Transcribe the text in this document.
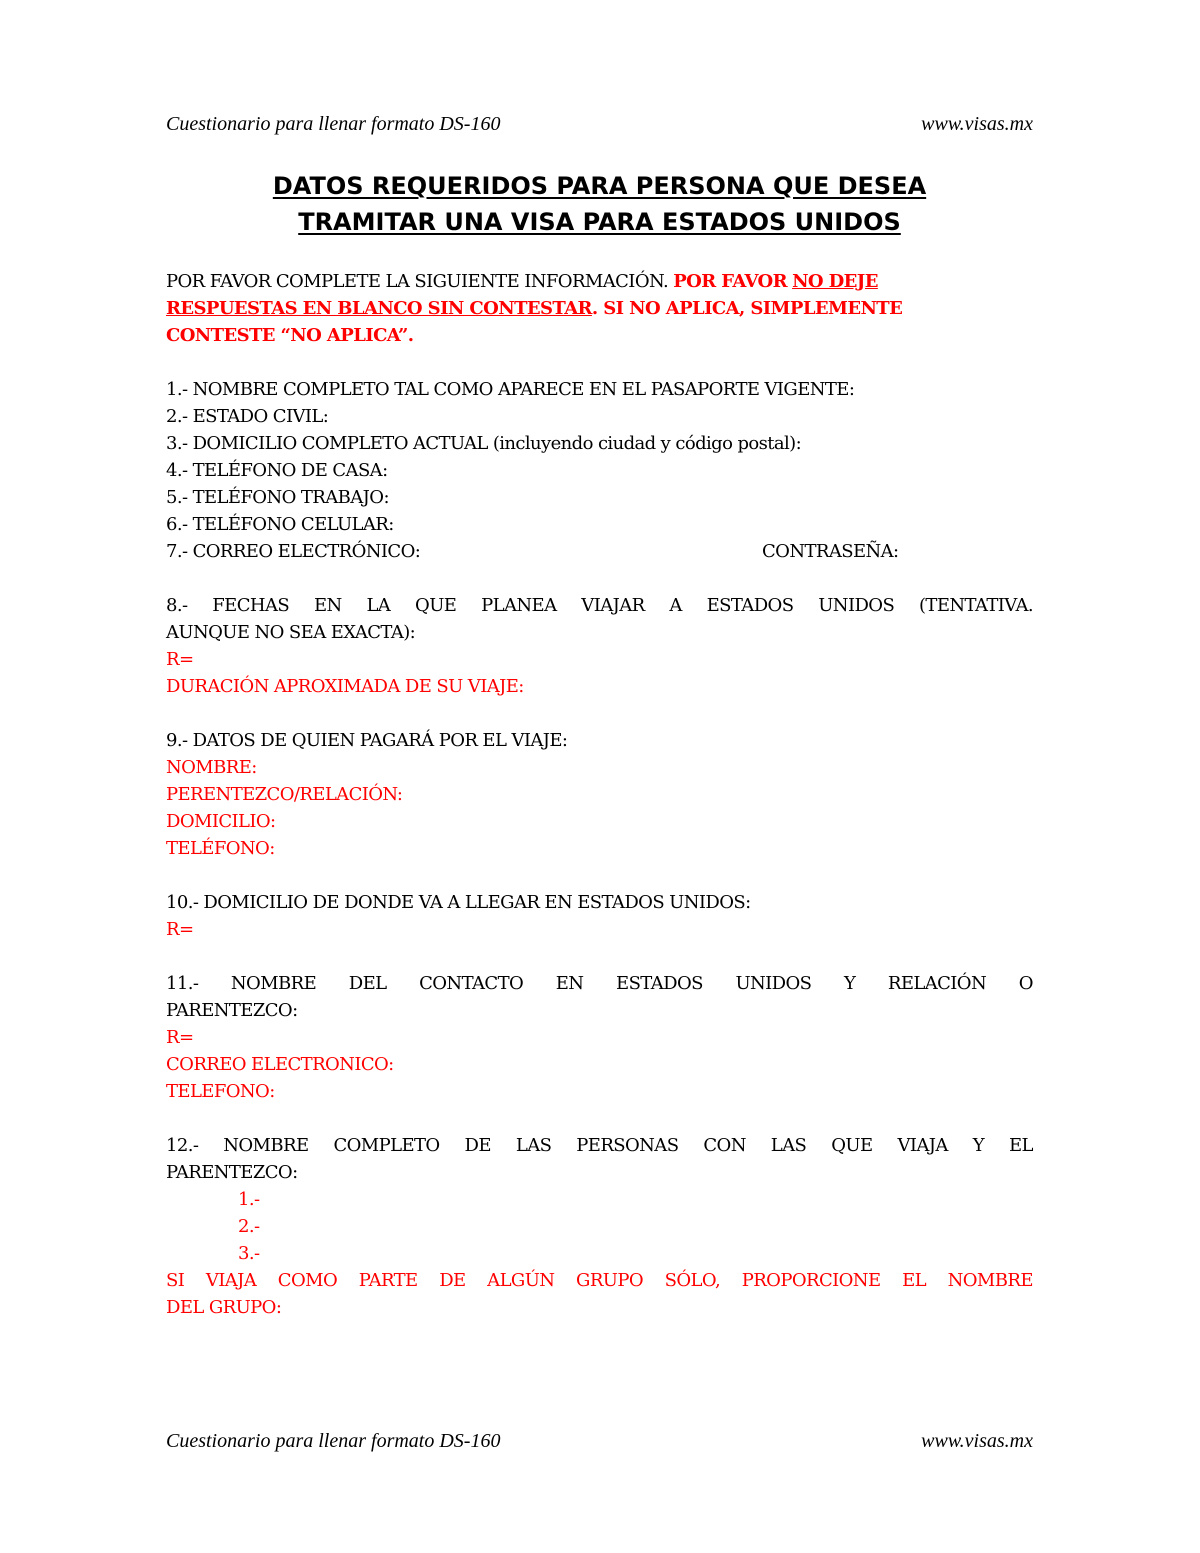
Cuestionario para llenar formato DS-160	www.visas.mx
DATOS REQUERIDOS PARA PERSONA QUE DESEA
TRAMITAR UNA VISA PARA ESTADOS UNIDOS
POR FAVOR COMPLETE LA SIGUIENTE INFORMACIÓN. POR FAVOR NO DEJE
RESPUESTAS EN BLANCO SIN CONTESTAR. SI NO APLICA, SIMPLEMENTE
CONTESTE “NO APLICA”.
1.- NOMBRE COMPLETO TAL COMO APARECE EN EL PASAPORTE VIGENTE:
2.- ESTADO CIVIL:
3.- DOMICILIO COMPLETO ACTUAL (incluyendo ciudad y código postal):
4.- TELÉFONO DE CASA:
5.- TELÉFONO TRABAJO:
6.- TELÉFONO CELULAR:
7.- CORREO ELECTRÓNICO:	CONTRASEÑA:
8.- FECHAS EN LA QUE PLANEA VIAJAR A ESTADOS UNIDOS (TENTATIVA.
AUNQUE NO SEA EXACTA):
R=
DURACIÓN APROXIMADA DE SU VIAJE:
9.- DATOS DE QUIEN PAGARÁ POR EL VIAJE:
NOMBRE:
PERENTEZCO/RELACIÓN:
DOMICILIO:
TELÉFONO:
10.- DOMICILIO DE DONDE VA A LLEGAR EN ESTADOS UNIDOS:
R=
11.- NOMBRE DEL CONTACTO EN ESTADOS UNIDOS Y RELACIÓN O
PARENTEZCO:
R=
CORREO ELECTRONICO:
TELEFONO:
12.- NOMBRE COMPLETO DE LAS PERSONAS CON LAS QUE VIAJA Y EL
PARENTEZCO:
1.-
2.-
3.-
SI VIAJA COMO PARTE DE ALGÚN GRUPO SÓLO, PROPORCIONE EL NOMBRE
DEL GRUPO:
Cuestionario para llenar formato DS-160	www.visas.mx
